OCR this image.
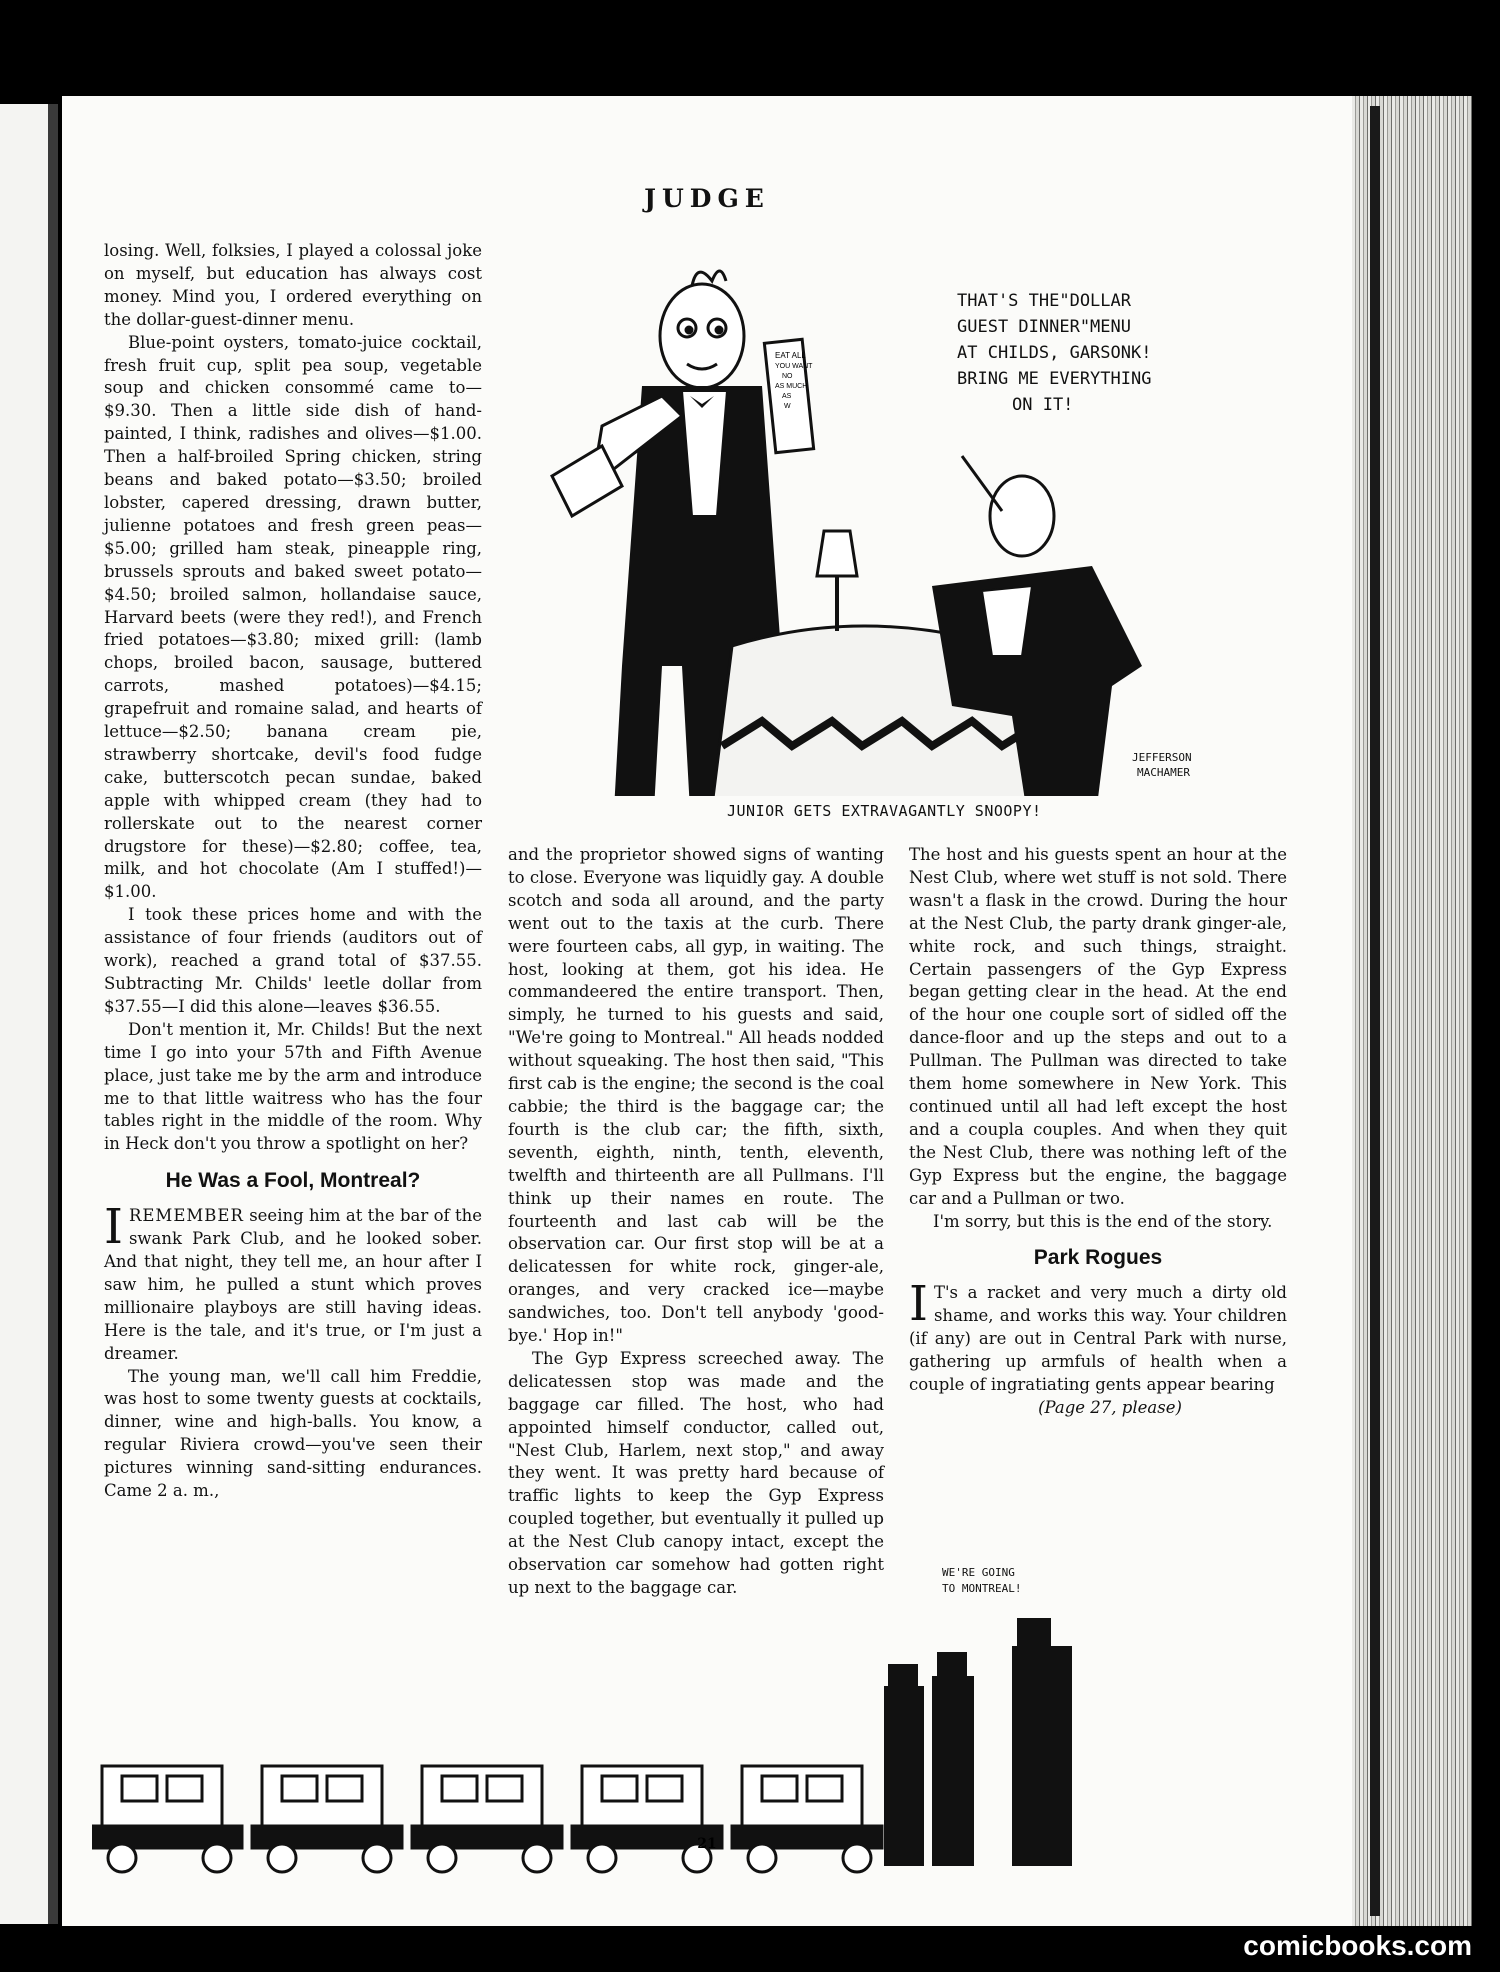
JUDGE

losing. Well, folksies, I played a colossal joke on myself, but education has always cost money. Mind you, I ordered everything on the dollar-guest-dinner menu.

Blue-point oysters, tomato-juice cocktail, fresh fruit cup, split pea soup, vegetable soup and chicken consommé came to—$9.30. Then a little side dish of hand-painted, I think, radishes and olives—$1.00. Then a half-broiled Spring chicken, string beans and baked potato—$3.50; broiled lobster, capered dressing, drawn butter, julienne potatoes and fresh green peas—$5.00; grilled ham steak, pineapple ring, brussels sprouts and baked sweet potato—$4.50; broiled salmon, hollandaise sauce, Harvard beets (were they red!), and French fried potatoes—$3.80; mixed grill: (lamb chops, broiled bacon, sausage, buttered carrots, mashed potatoes)—$4.15; grapefruit and romaine salad, and hearts of lettuce—$2.50; banana cream pie, strawberry shortcake, devil's food fudge cake, butterscotch pecan sundae, baked apple with whipped cream (they had to rollerskate out to the nearest corner drugstore for these)—$2.80; coffee, tea, milk, and hot chocolate (Am I stuffed!)—$1.00.

I took these prices home and with the assistance of four friends (auditors out of work), reached a grand total of $37.55. Subtracting Mr. Childs' leetle dollar from $37.55—I did this alone—leaves $36.55.

Don't mention it, Mr. Childs! But the next time I go into your 57th and Fifth Avenue place, just take me by the arm and introduce me to that little waitress who has the four tables right in the middle of the room. Why in Heck don't you throw a spotlight on her?

He Was a Fool, Montreal?

IREMEMBER seeing him at the bar of the swank Park Club, and he looked sober. And that night, they tell me, an hour after I saw him, he pulled a stunt which proves millionaire playboys are still having ideas. Here is the tale, and it's true, or I'm just a dreamer.

The young man, we'll call him Freddie, was host to some twenty guests at cocktails, dinner, wine and high-balls. You know, a regular Riviera crowd—you've seen their pictures winning sand-sitting endurances. Came 2 a. m.,

and the proprietor showed signs of wanting to close. Everyone was liquidly gay. A double scotch and soda all around, and the party went out to the taxis at the curb. There were fourteen cabs, all gyp, in waiting. The host, looking at them, got his idea. He commandeered the entire transport. Then, simply, he turned to his guests and said, "We're going to Montreal." All heads nodded without squeaking. The host then said, "This first cab is the engine; the second is the coal cabbie; the third is the baggage car; the fourth is the club car; the fifth, sixth, seventh, eighth, ninth, tenth, eleventh, twelfth and thirteenth are all Pullmans. I'll think up their names en route. The fourteenth and last cab will be the observation car. Our first stop will be at a delicatessen for white rock, ginger-ale, oranges, and very cracked ice—maybe sandwiches, too. Don't tell anybody 'good-bye.' Hop in!"

The Gyp Express screeched away. The delicatessen stop was made and the baggage car filled. The host, who had appointed himself conductor, called out, "Nest Club, Harlem, next stop," and away they went. It was pretty hard because of traffic lights to keep the Gyp Express coupled together, but eventually it pulled up at the Nest Club canopy intact, except the observation car somehow had gotten right up next to the baggage car.

The host and his guests spent an hour at the Nest Club, where wet stuff is not sold. There wasn't a flask in the crowd. During the hour at the Nest Club, the party drank ginger-ale, white rock, and such things, straight. Certain passengers of the Gyp Express began getting clear in the head. At the end of the hour one couple sort of sidled off the dance-floor and up the steps and out to a Pullman. The Pullman was directed to take them home somewhere in New York. This continued until all had left except the host and a coupla couples. And when they quit the Nest Club, there was nothing left of the Gyp Express but the engine, the baggage car and a Pullman or two.

I'm sorry, but this is the end of the story.

Park Rogues

I T's a racket and very much a dirty old shame, and works this way. Your children (if any) are out in Central Park with nurse, gathering up armfuls of health when a couple of ingratiating gents appear bearing

(Page 27, please)

EAT ALL
YOU WANT
NO
AS MUCH
AS
W
THAT'S THE"DOLLAR
GUEST DINNER"MENU
AT CHILDS, GARSONK!
BRING ME EVERYTHING
ON IT!
JEFFERSON
MACHAMER
JUNIOR GETS EXTRAVAGANTLY SNOOPY!
WE'RE GOING
TO MONTREAL!
21
comicbooks.com
